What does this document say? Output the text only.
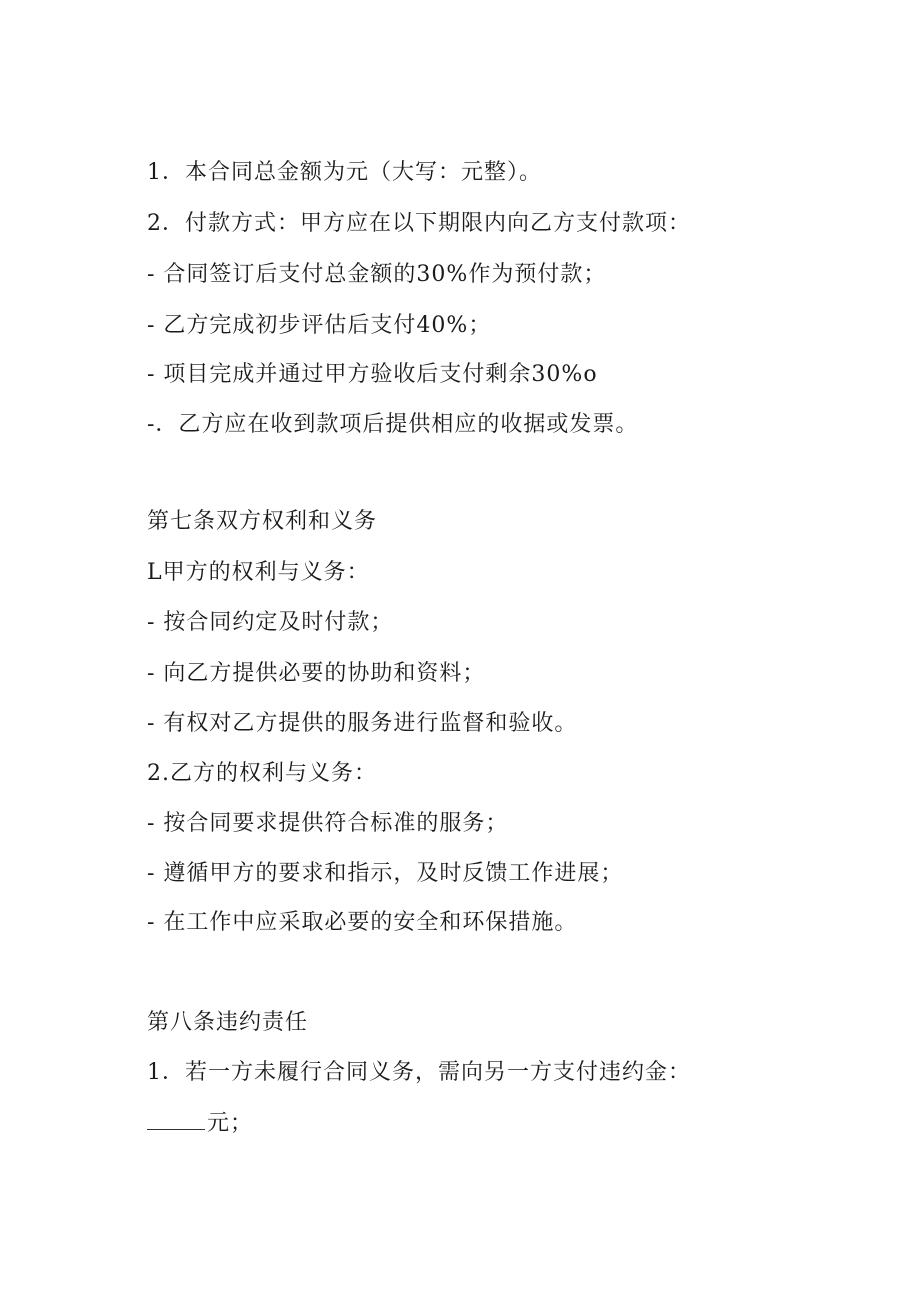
1．本合同总金额为元（大写：元整）。
2．付款方式：甲方应在以下期限内向乙方支付款项：
- 合同签订后支付总金额的30%作为预付款；
- 乙方完成初步评估后支付40%；
- 项目完成并通过甲方验收后支付剩余30%o
-．乙方应在收到款项后提供相应的收据或发票。
第七条双方权利和义务
L甲方的权利与义务：
- 按合同约定及时付款；
- 向乙方提供必要的协助和资料；
- 有权对乙方提供的服务进行监督和验收。
2.乙方的权利与义务：
- 按合同要求提供符合标准的服务；
- 遵循甲方的要求和指示，及时反馈工作进展；
- 在工作中应采取必要的安全和环保措施。
第八条违约责任
1．若一方未履行合同义务，需向另一方支付违约金：
元；
